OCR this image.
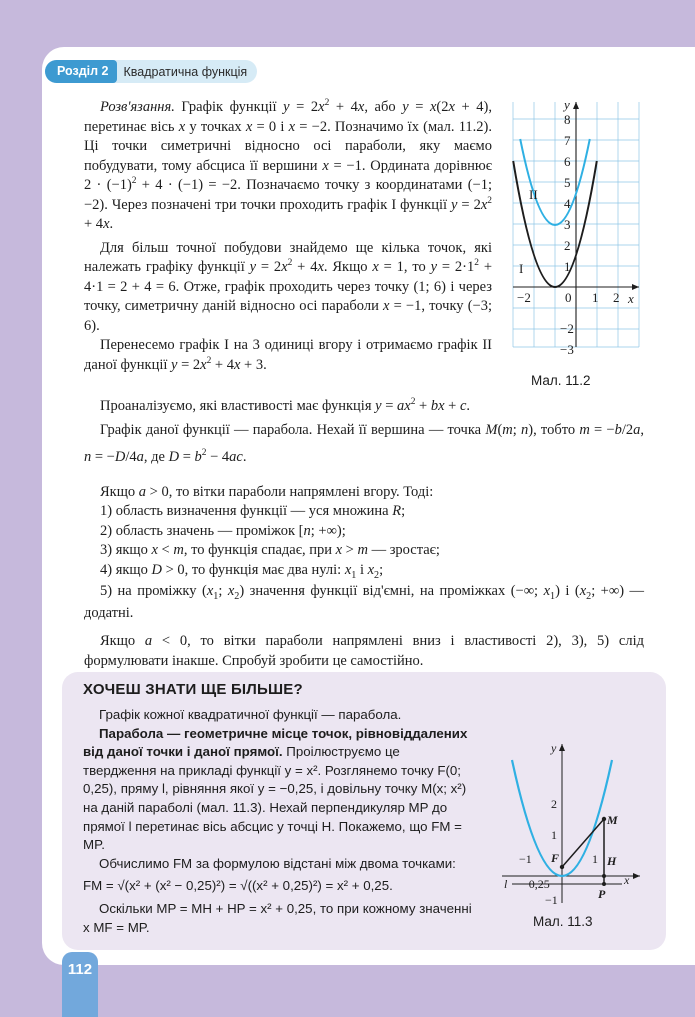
Розділ 2	Квадратична функція

Розв'язання. Графік функції $y = 2x^2 + 4x$, або y = x(2x + 4), перетинає вісь x у точках x = 0 і x = −2. Позначимо їх (мал. 11.2). Ці точки симетричні відносно осі параболи, яку маємо побудувати, тому абсциса її вершини x = −1. Ордината дорівнює $2 \cdot (-1)^2 + 4 \cdot (-1) = -2$. Позначаємо точку з координатами (−1; −2). Через позначені три точки проходить графік I функції $y = 2x^2 + 4x$.

Для більш точної побудови знайдемо ще кілька точок, які належать графіку функції $y = 2x^2 + 4x$. Якщо x = 1, то $y = 2\cdot 1^2 + 4\cdot 1 = 2 + 4 = 6$. Отже, графік проходить через точку (1; 6) і через точку, симетричну даній відносно осі параболи x = −1, точку (−3; 6).

Перенесемо графік I на 3 одиниці вгору і отримаємо графік II даної функції $y = 2x^2 + 4x + 3$.

y
x
−2	0 1 2
8
7
6
5
4
3
2
1
−2
−3
I
II
Мал. 11.2

Проаналізуємо, які властивості має функція $y = ax^2$ + bx + c.

Графік даної функції — парабола. Нехай її вершина — точка M(m; n), тобто m = −b/2a, n = −D/4a, де $D = b^2 - 4ac$.

Якщо a > 0, то вітки параболи напрямлені вгору. Тоді:

1) область визначення функції — уся множина R;

2) область значень — проміжок [n; +∞);

3) якщо x < m, то функція спадає, при x > m — зростає;

4) якщо D > 0, то функція має два нулі: $x_1$ і $x_2$;

5) на проміжку ($x_1$; $x_2$) значення функції від'ємні, на проміжках (−∞; $x_1$) і ($x_2$; +∞) — додатні.

Якщо a < 0, то вітки параболи напрямлені вниз і властивості 2), 3), 5) слід формулювати інакше. Спробуй зробити це самостійно.

ХОЧЕШ ЗНАТИ ЩЕ БІЛЬШЕ?

Графік кожної квадратичної функції — парабола.

Парабола — геометричне місце точок, рівновіддалених від даної точки і даної прямої. Проілюструємо це твердження на прикладі функції y = x². Розглянемо точку F(0; 0,25), пряму l, рівняння якої y = −0,25, і довільну точку M(x; x²) на даній параболі (мал. 11.3). Нехай перпендикуляр MP до прямої l перетинає вісь абсцис у точці H. Покажемо, що FM = MP.

Обчислимо FM за формулою відстані між двома точками:

FM = √(x² + (x² − 0,25)²) = √((x² + 0,25)²) = x² + 0,25.

Оскільки MP = MH + HP = x² + 0,25, то при кожному значенні x MF = MP.

y
x
2
1
−1	1
−0,25
−1
l
F
M
H
P
Мал. 11.3
112
